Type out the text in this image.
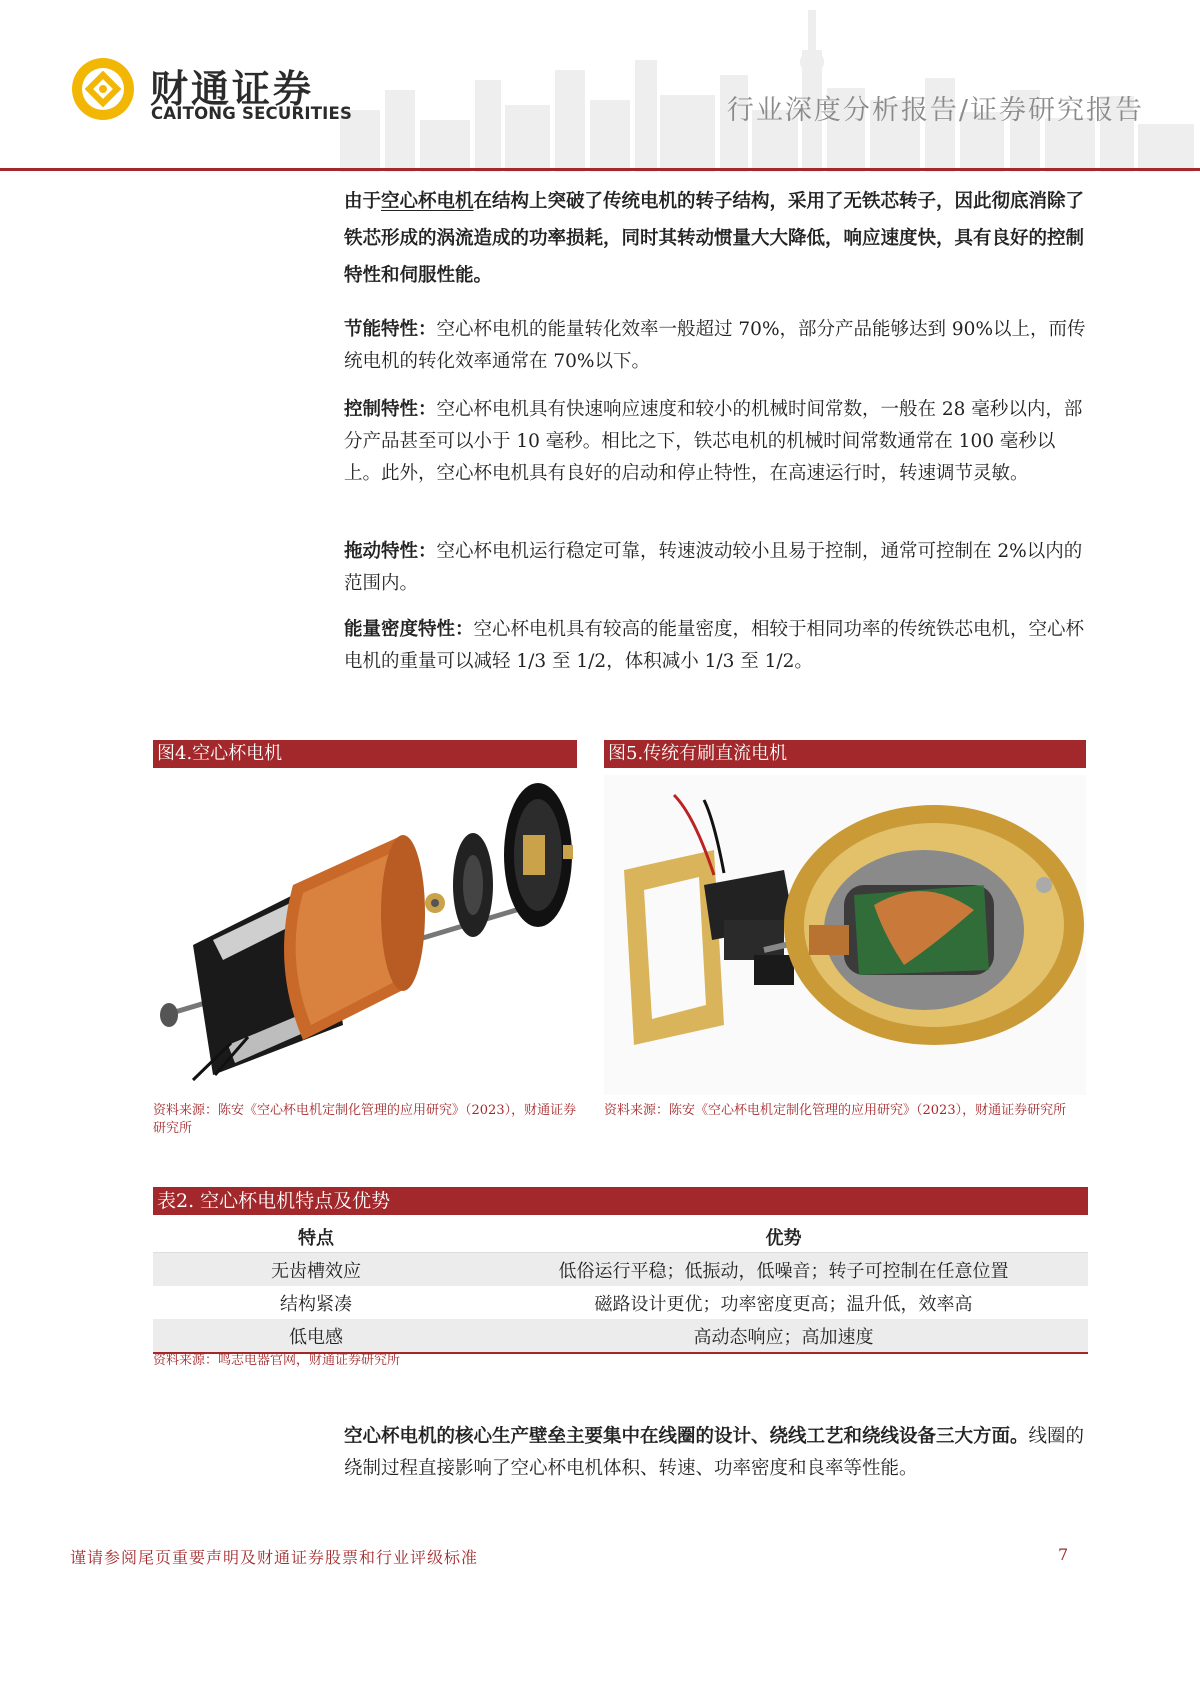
财通证券
CAITONG SECURITIES	行业深度分析报告/证券研究报告

由于空心杯电机在结构上突破了传统电机的转子结构，采用了无铁芯转子，因此彻底消除了铁芯形成的涡流造成的功率损耗，同时其转动惯量大大降低，响应速度快，具有良好的控制特性和伺服性能。

节能特性：空心杯电机的能量转化效率一般超过 70%，部分产品能够达到 90%以上，而传统电机的转化效率通常在 70%以下。

控制特性：空心杯电机具有快速响应速度和较小的机械时间常数，一般在 28 毫秒以内，部分产品甚至可以小于 10 毫秒。相比之下，铁芯电机的机械时间常数通常在 100 毫秒以上。此外，空心杯电机具有良好的启动和停止特性，在高速运行时，转速调节灵敏。

拖动特性：空心杯电机运行稳定可靠，转速波动较小且易于控制，通常可控制在 2%以内的范围内。

能量密度特性：空心杯电机具有较高的能量密度，相较于相同功率的传统铁芯电机，空心杯电机的重量可以减轻 1/3 至 1/2，体积减小 1/3 至 1/2。

图4.空心杯电机
资料来源：陈安《空心杯电机定制化管理的应用研究》（2023），财通证券研究所
图5.传统有刷直流电机
资料来源：陈安《空心杯电机定制化管理的应用研究》（2023），财通证券研究所
表2. 空心杯电机特点及优势
特点	优势
无齿槽效应	低俗运行平稳；低振动，低噪音；转子可控制在任意位置
结构紧凑	磁路设计更优；功率密度更高；温升低，效率高
低电感	高动态响应；高加速度
资料来源：鸣志电器官网，财通证券研究所

空心杯电机的核心生产壁垒主要集中在线圈的设计、绕线工艺和绕线设备三大方面。线圈的绕制过程直接影响了空心杯电机体积、转速、功率密度和良率等性能。

谨请参阅尾页重要声明及财通证券股票和行业评级标准	7
